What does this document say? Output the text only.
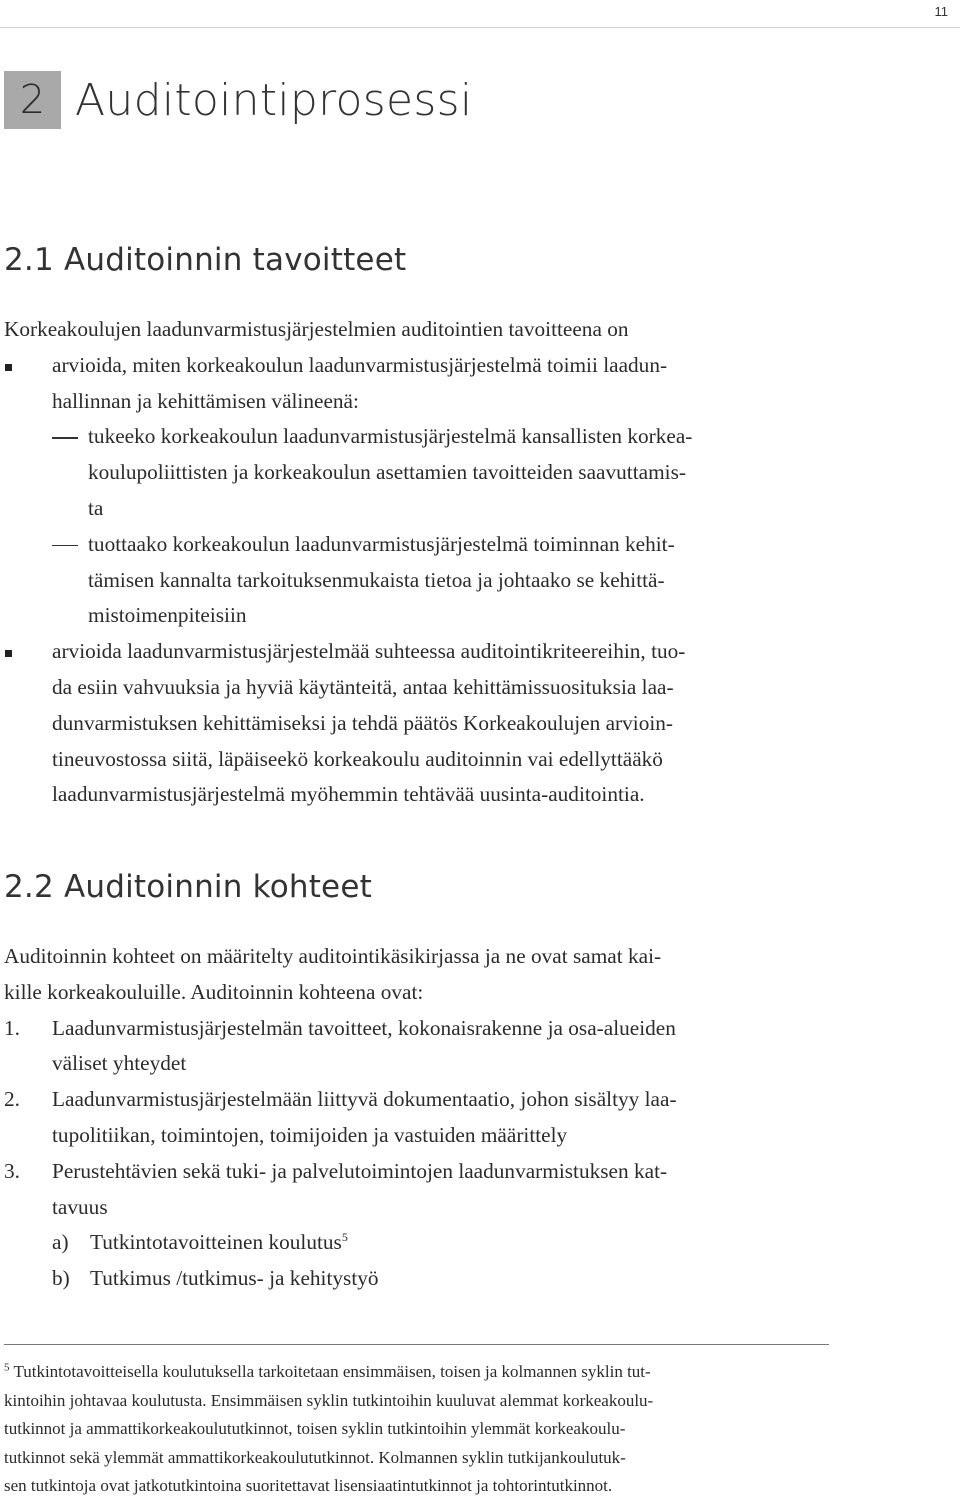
11
2 Auditointiprosessi
2.1 Auditoinnin tavoitteet

Korkeakoulujen laadunvarmistusjärjestelmien auditointien tavoitteena on

arvioida, miten korkeakoulun laadunvarmistusjärjestelmä toimii laadun-
hallinnan ja kehittämisen välineenä:
tukeeko korkeakoulun laadunvarmistusjärjestelmä kansallisten korkea-
koulupoliittisten ja korkeakoulun asettamien tavoitteiden saavuttamis-
ta
tuottaako korkeakoulun laadunvarmistusjärjestelmä toiminnan kehit-
tämisen kannalta tarkoituksenmukaista tietoa ja johtaako se kehittä-
mistoimenpiteisiin
arvioida laadunvarmistusjärjestelmää suhteessa auditointikriteereihin, tuo-
da esiin vahvuuksia ja hyviä käytänteitä, antaa kehittämissuosituksia laa-
dunvarmistuksen kehittämiseksi ja tehdä päätös Korkeakoulujen arvioin-
tineuvostossa siitä, läpäiseekö korkeakoulu auditoinnin vai edellyttääkö
laadunvarmistusjärjestelmä myöhemmin tehtävää uusinta-auditointia.
2.2 Auditoinnin kohteet
Auditoinnin kohteet on määritelty auditointikäsikirjassa ja ne ovat samat kai-
kille korkeakouluille. Auditoinnin kohteena ovat:
1. Laadunvarmistusjärjestelmän tavoitteet, kokonaisrakenne ja osa-alueiden
väliset yhteydet
2. Laadunvarmistusjärjestelmään liittyvä dokumentaatio, johon sisältyy laa-
tupolitiikan, toimintojen, toimijoiden ja vastuiden määrittely
3. Perustehtävien sekä tuki- ja palvelutoimintojen laadunvarmistuksen kat-
tavuus
a) Tutkintotavoitteinen koulutus$^5$
b) Tutkimus /tutkimus- ja kehitystyö
$^5$ Tutkintotavoitteisella koulutuksella tarkoitetaan ensimmäisen, toisen ja kolmannen syklin tut-
kintoihin johtavaa koulutusta. Ensimmäisen syklin tutkintoihin kuuluvat alemmat korkeakoulu-
tutkinnot ja ammattikorkeakoulututkinnot, toisen syklin tutkintoihin ylemmät korkeakoulu-
tutkinnot sekä ylemmät ammattikorkeakoulututkinnot. Kolmannen syklin tutkijankoulutuk-
sen tutkintoja ovat jatkotutkintoina suoritettavat lisensiaatintutkinnot ja tohtorintutkinnot.
